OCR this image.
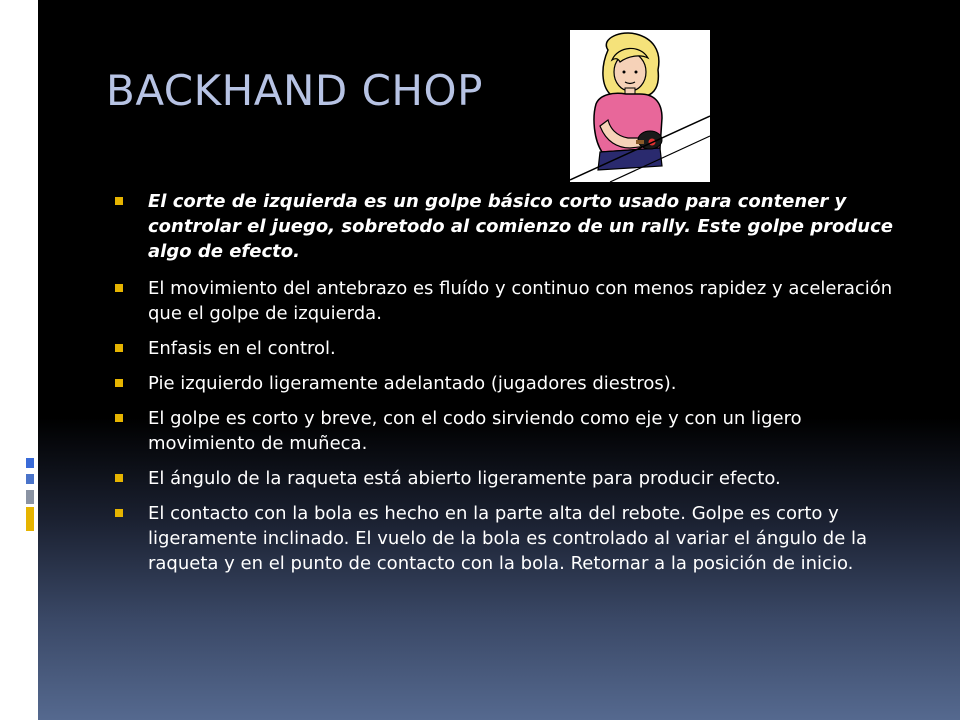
BACKHAND CHOP
El corte de izquierda es un golpe básico corto usado para contener y controlar el juego, sobretodo al comienzo de un rally. Este golpe produce algo de efecto.
El movimiento del antebrazo es fluído y continuo con menos rapidez y aceleración que el golpe de izquierda.
Enfasis en el control.
Pie izquierdo ligeramente adelantado (jugadores diestros).
El golpe es corto y breve, con el codo sirviendo como eje y con un ligero movimiento de muñeca.
El ángulo de la raqueta está abierto ligeramente para producir efecto.
El contacto con la bola es hecho en la parte alta del rebote. Golpe es corto y ligeramente inclinado. El vuelo de la bola es controlado al variar el ángulo de la raqueta y en el punto de contacto con la bola. Retornar a la posición de inicio.
